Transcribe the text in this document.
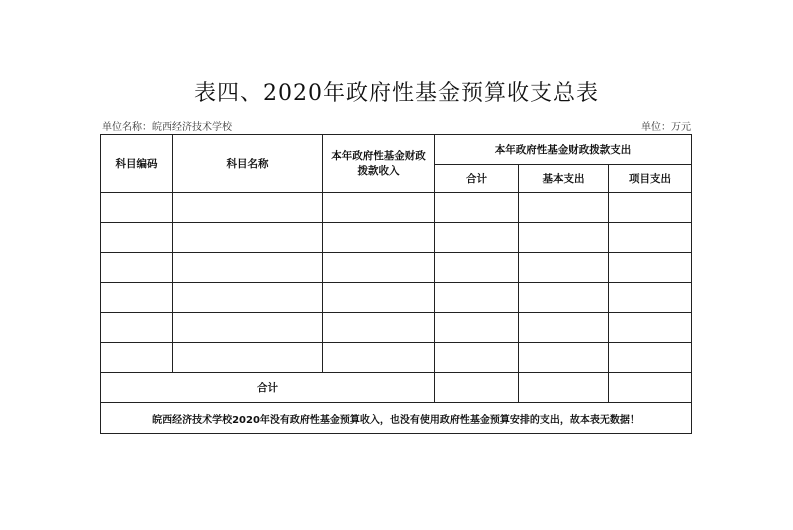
表四、2020年政府性基金预算收支总表
单位名称：皖西经济技术学校	单位：万元
科目编码	科目名称	本年政府性基金财政拨款收入	本年政府性基金财政拨款支出		
			合计	基本支出	项目支出

合计					
皖西经济技术学校2020年没有政府性基金预算收入，也没有使用政府性基金预算安排的支出，故本表无数据！					
